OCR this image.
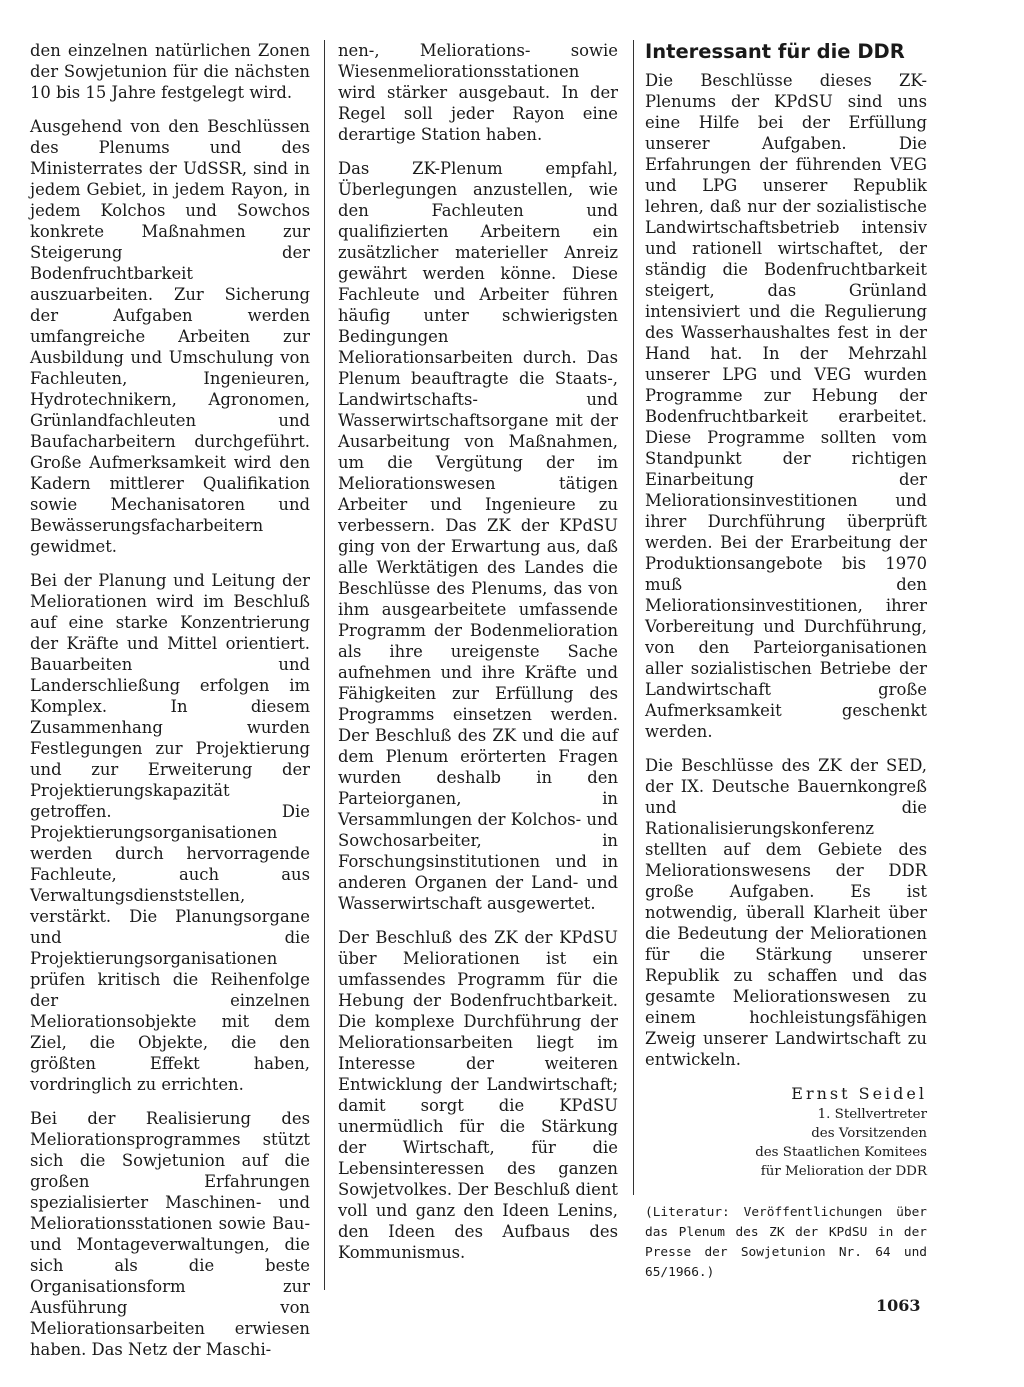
den einzelnen natürlichen Zonen der Sowjetunion für die nächsten 10 bis 15 Jahre festgelegt wird.

Ausgehend von den Beschlüssen des Plenums und des Ministerrates der UdSSR, sind in jedem Gebiet, in jedem Rayon, in jedem Kolchos und Sowchos konkrete Maßnahmen zur Steigerung der Bodenfruchtbarkeit auszuarbeiten. Zur Sicherung der Aufgaben werden umfangreiche Arbeiten zur Ausbildung und Umschulung von Fachleuten, Ingenieuren, Hydrotechnikern, Agronomen, Grünlandfachleuten und Baufacharbeitern durchgeführt. Große Aufmerksamkeit wird den Kadern mittlerer Qualifikation sowie Mechanisatoren und Bewässerungsfacharbeitern gewidmet.

Bei der Planung und Leitung der Meliorationen wird im Beschluß auf eine starke Konzentrierung der Kräfte und Mittel orientiert. Bauarbeiten und Landerschließung erfolgen im Komplex. In diesem Zusammenhang wurden Festlegungen zur Projektierung und zur Erweiterung der Projektierungskapazität getroffen. Die Projektierungsorganisationen werden durch hervorragende Fachleute, auch aus Verwaltungsdienststellen, verstärkt. Die Planungsorgane und die Projektierungsorganisationen prüfen kritisch die Reihenfolge der einzelnen Meliorationsobjekte mit dem Ziel, die Objekte, die den größten Effekt haben, vordringlich zu errichten.

Bei der Realisierung des Meliorationsprogrammes stützt sich die Sowjetunion auf die großen Erfahrungen spezialisierter Maschinen- und Meliorationsstationen sowie Bau- und Montageverwaltungen, die sich als die beste Organisationsform zur Ausführung von Meliorationsarbeiten erwiesen haben. Das Netz der Maschi-

nen-, Meliorations- sowie Wiesenmeliorationsstationen wird stärker ausgebaut. In der Regel soll jeder Rayon eine derartige Station haben.

Das ZK-Plenum empfahl, Überlegungen anzustellen, wie den Fachleuten und qualifizierten Arbeitern ein zusätzlicher materieller Anreiz gewährt werden könne. Diese Fachleute und Arbeiter führen häufig unter schwierigsten Bedingungen Meliorationsarbeiten durch. Das Plenum beauftragte die Staats-, Landwirtschafts- und Wasserwirtschaftsorgane mit der Ausarbeitung von Maßnahmen, um die Vergütung der im Meliorationswesen tätigen Arbeiter und Ingenieure zu verbessern. Das ZK der KPdSU ging von der Erwartung aus, daß alle Werktätigen des Landes die Beschlüsse des Plenums, das von ihm ausgearbeitete umfassende Programm der Bodenmelioration als ihre ureigenste Sache aufnehmen und ihre Kräfte und Fähigkeiten zur Erfüllung des Programms einsetzen werden. Der Beschluß des ZK und die auf dem Plenum erörterten Fragen wurden deshalb in den Parteiorganen, in Versammlungen der Kolchos- und Sowchosarbeiter, in Forschungsinstitutionen und in anderen Organen der Land- und Wasserwirtschaft ausgewertet.

Der Beschluß des ZK der KPdSU über Meliorationen ist ein umfassendes Programm für die Hebung der Bodenfruchtbarkeit. Die komplexe Durchführung der Meliorationsarbeiten liegt im Interesse der weiteren Entwicklung der Landwirtschaft; damit sorgt die KPdSU unermüdlich für die Stärkung der Wirtschaft, für die Lebensinteressen des ganzen Sowjetvolkes. Der Beschluß dient voll und ganz den Ideen Lenins, den Ideen des Aufbaus des Kommunismus.

Interessant für die DDR

Die Beschlüsse dieses ZK-Plenums der KPdSU sind uns eine Hilfe bei der Erfüllung unserer Aufgaben. Die Erfahrungen der führenden VEG und LPG unserer Republik lehren, daß nur der sozialistische Landwirtschaftsbetrieb intensiv und rationell wirtschaftet, der ständig die Bodenfruchtbarkeit steigert, das Grünland intensiviert und die Regulierung des Wasserhaushaltes fest in der Hand hat. In der Mehrzahl unserer LPG und VEG wurden Programme zur Hebung der Bodenfruchtbarkeit erarbeitet. Diese Programme sollten vom Standpunkt der richtigen Einarbeitung der Meliorationsinvestitionen und ihrer Durchführung überprüft werden. Bei der Erarbeitung der Produktionsangebote bis 1970 muß den Meliorationsinvestitionen, ihrer Vorbereitung und Durchführung, von den Parteiorganisationen aller sozialistischen Betriebe der Landwirtschaft große Aufmerksamkeit geschenkt werden.

Die Beschlüsse des ZK der SED, der IX. Deutsche Bauernkongreß und die Rationalisierungskonferenz stellten auf dem Gebiete des Meliorationswesens der DDR große Aufgaben. Es ist notwendig, überall Klarheit über die Bedeutung der Meliorationen für die Stärkung unserer Republik zu schaffen und das gesamte Meliorationswesen zu einem hochleistungsfähigen Zweig unserer Landwirtschaft zu entwickeln.

Ernst Seidel
1. Stellvertreter
des Vorsitzenden
des Staatlichen Komitees
für Melioration der DDR
(Literatur: Veröffentlichungen über das Plenum des ZK der KPdSU in der Presse der Sowjetunion Nr. 64 und 65/1966.)
1063
